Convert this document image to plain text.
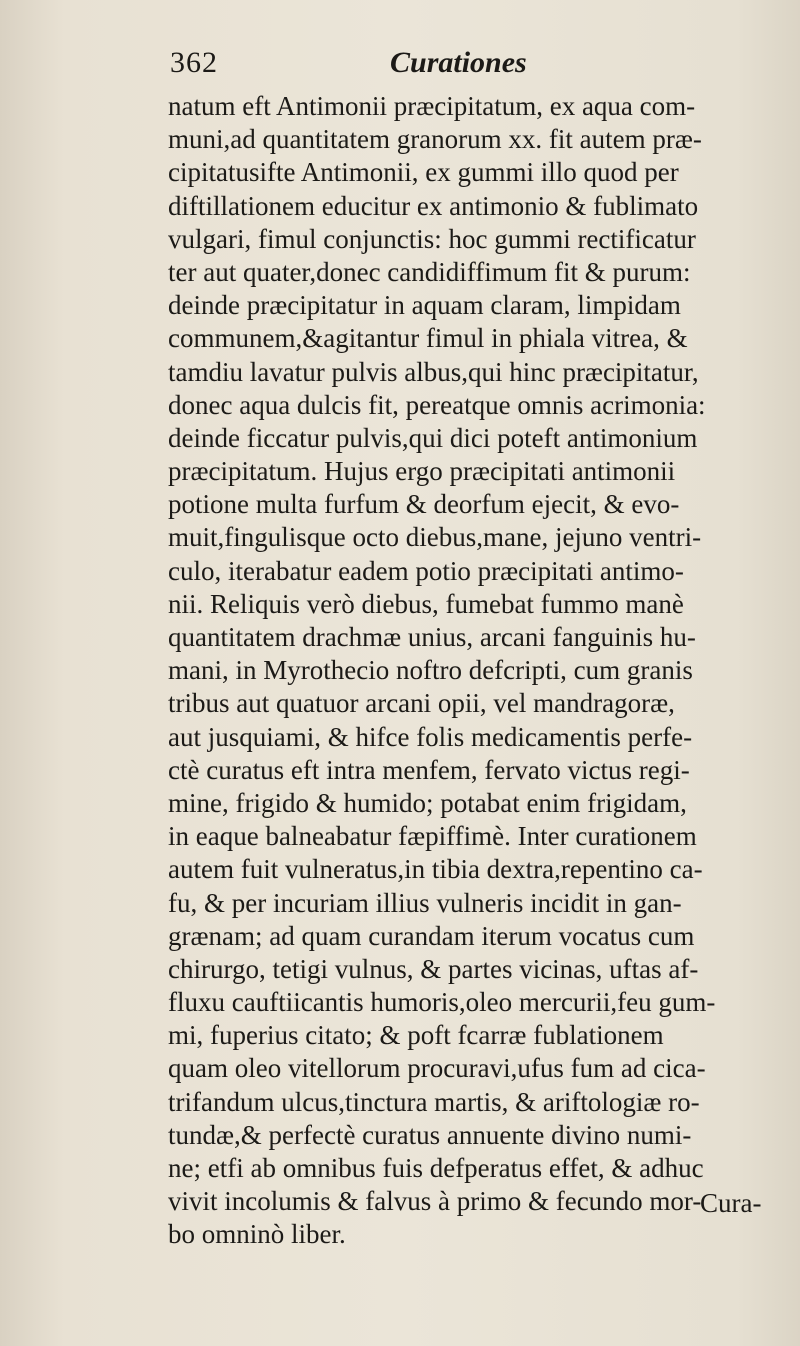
362	Curationes
natum eft Antimonii præcipitatum, ex aqua com-
muni,ad quantitatem granorum xx. fit autem præ-
cipitatusifte Antimonii, ex gummi illo quod per
diftillationem educitur ex antimonio & fublimato
vulgari, fimul conjunctis: hoc gummi rectificatur
ter aut quater,donec candidiffimum fit & purum:
deinde præcipitatur in aquam claram, limpidam
communem,&agitantur fimul in phiala vitrea, &
tamdiu lavatur pulvis albus,qui hinc præcipitatur,
donec aqua dulcis fit, pereatque omnis acrimonia:
deinde ficcatur pulvis,qui dici poteft antimonium
præcipitatum. Hujus ergo præcipitati antimonii
potione multa furfum & deorfum ejecit, & evo-
muit,fingulisque octo diebus,mane, jejuno ventri-
culo, iterabatur eadem potio præcipitati antimo-
nii. Reliquis verò diebus, fumebat fummo manè
quantitatem drachmæ unius, arcani fanguinis hu-
mani, in Myrothecio noftro defcripti, cum granis
tribus aut quatuor arcani opii, vel mandragoræ,
aut jusquiami, & hifce folis medicamentis perfe-
ctè curatus eft intra menfem, fervato victus regi-
mine, frigido & humido; potabat enim frigidam,
in eaque balneabatur fæpiffimè. Inter curationem
autem fuit vulneratus,in tibia dextra,repentino ca-
fu, & per incuriam illius vulneris incidit in gan-
grænam; ad quam curandam iterum vocatus cum
chirurgo, tetigi vulnus, & partes vicinas, uftas af-
fluxu cauftiicantis humoris,oleo mercurii,feu gum-
mi, fuperius citato; & poft fcarræ fublationem
quam oleo vitellorum procuravi,ufus fum ad cica-
trifandum ulcus,tinctura martis, & ariftologiæ ro-
tundæ,& perfectè curatus annuente divino numi-
ne; etfi ab omnibus fuis defperatus effet, & adhuc
vivit incolumis & falvus à primo & fecundo mor-
bo omninò liber.
Cura-
